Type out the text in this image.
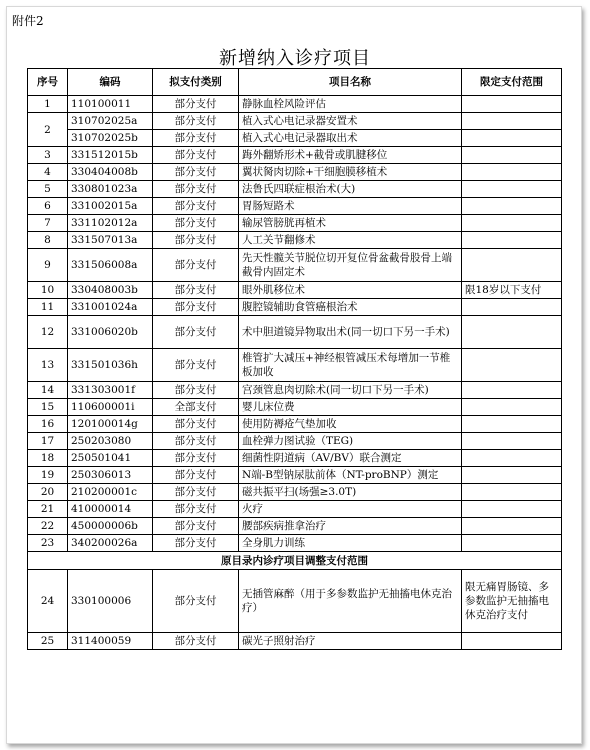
附件2
新增纳入诊疗项目
序号	编码	拟支付类别	项目名称	限定支付范围
1	110100011	部分支付	静脉血栓风险评估	
2	310702025a	部分支付	植入式心电记录器安置术	
	310702025b	部分支付	植入式心电记录器取出术	
3	331512015b	部分支付	踇外翻矫形术+截骨或肌腱移位	
4	330404008b	部分支付	翼状胬肉切除+干细胞膜移植术	
5	330801023a	部分支付	法鲁氏四联症根治术(大)	
6	331002015a	部分支付	胃肠短路术	
7	331102012a	部分支付	输尿管膀胱再植术	
8	331507013a	部分支付	人工关节翻修术	
9	331506008a	部分支付	先天性髋关节脱位切开复位骨盆截骨股骨上端截骨内固定术	
10	330408003b	部分支付	眼外肌移位术	限18岁以下支付
11	331001024a	部分支付	腹腔镜辅助食管癌根治术	
12	331006020b	部分支付	术中胆道镜异物取出术(同一切口下另一手术)	
13	331501036h	部分支付	椎管扩大减压+神经根管减压术每增加一节椎板加收	
14	331303001f	部分支付	宫颈管息肉切除术(同一切口下另一手术)	
15	110600001i	全部支付	婴儿床位费	
16	120100014g	部分支付	使用防褥疮气垫加收	
17	250203080	部分支付	血栓弹力图试验（TEG)	
18	250501041	部分支付	细菌性阴道病（AV/BV）联合测定	
19	250306013	部分支付	N端-B型钠尿肽前体（NT-proBNP）测定	
20	210200001c	部分支付	磁共振平扫(场强≥3.0T)	
21	410000014	部分支付	火疗	
22	450000006b	部分支付	腰部疾病推拿治疗	
23	340200026a	部分支付	全身肌力训练	
原目录内诊疗项目调整支付范围				
24	330100006	部分支付	无插管麻醉（用于多参数监护无抽搐电休克治疗）	限无痛胃肠镜、多参数监护无抽搐电休克治疗支付
25	311400059	部分支付	碳光子照射治疗	
